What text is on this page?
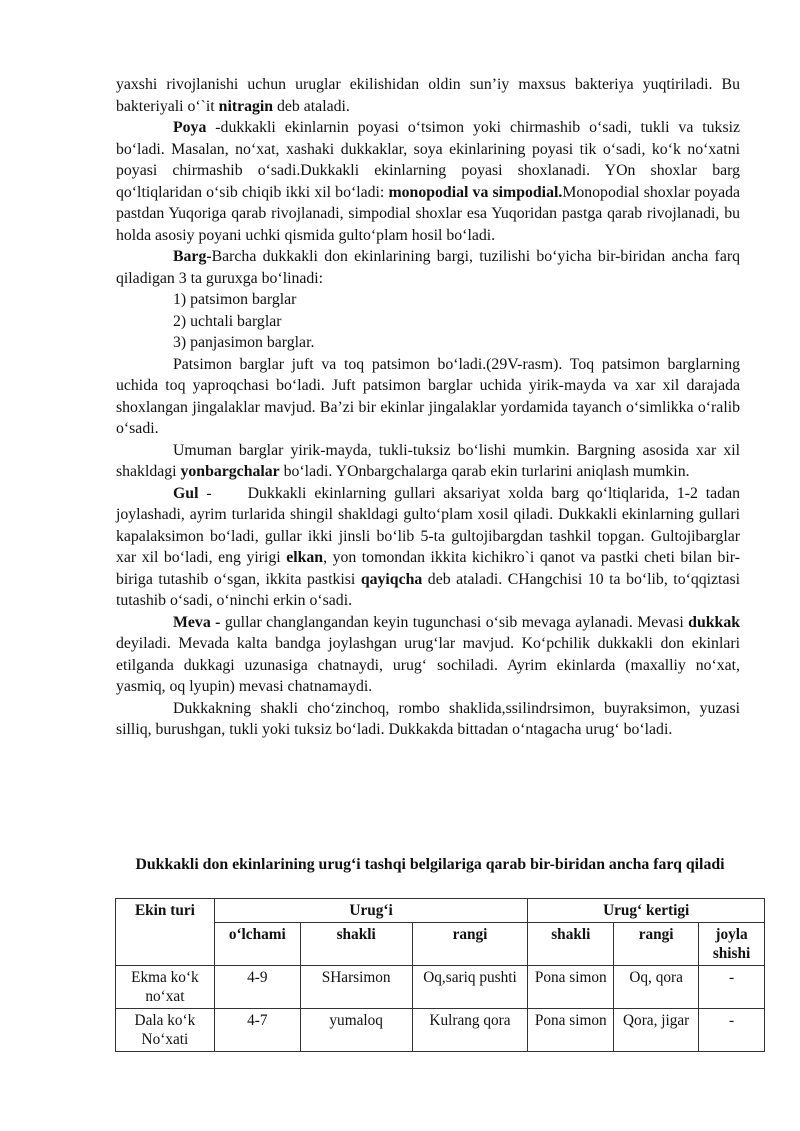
yaxshi rivojlanishi uchun uruglar ekilishidan oldin sun’iy maxsus bakteriya yuqtiriladi. Bu bakteriyali o‘`it nitragin deb ataladi.

Poya -dukkakli ekinlarnin poyasi o‘tsimon yoki chirmashib o‘sadi, tukli va tuksiz bo‘ladi. Masalan, no‘xat, xashaki dukkaklar, soya ekinlarining poyasi tik o‘sadi, ko‘k no‘xatni poyasi chirmashib o‘sadi.Dukkakli ekinlarning poyasi shoxlanadi. YOn shoxlar barg qo‘ltiqlaridan o‘sib chiqib ikki xil bo‘ladi: monopodial va simpodial.Monopodial shoxlar poyada pastdan Yuqoriga qarab rivojlanadi, simpodial shoxlar esa Yuqoridan pastga qarab rivojlanadi, bu holda asosiy poyani uchki qismida gulto‘plam hosil bo‘ladi.

Barg-Barcha dukkakli don ekinlarining bargi, tuzilishi bo‘yicha bir-biridan ancha farq qiladigan 3 ta guruxga bo‘linadi:

1) patsimon barglar

2) uchtali barglar

3) panjasimon barglar.

Patsimon barglar juft va toq patsimon bo‘ladi.(29V-rasm). Toq patsimon barglarning uchida toq yaproqchasi bo‘ladi. Juft patsimon barglar uchida yirik-mayda va xar xil darajada shoxlangan jingalaklar mavjud. Ba’zi bir ekinlar jingalaklar yordamida tayanch o‘simlikka o‘ralib o‘sadi.

Umuman barglar yirik-mayda, tukli-tuksiz bo‘lishi mumkin. Bargning asosida xar xil shakldagi yonbargchalar bo‘ladi. YOnbargchalarga qarab ekin turlarini aniqlash mumkin.

Gul - Dukkakli ekinlarning gullari aksariyat xolda barg qo‘ltiqlarida, 1-2 tadan joylashadi, ayrim turlarida shingil shakldagi gulto‘plam xosil qiladi. Dukkakli ekinlarning gullari kapalaksimon bo‘ladi, gullar ikki jinsli bo‘lib 5-ta gultojibargdan tashkil topgan. Gultojibarglar xar xil bo‘ladi, eng yirigi elkan, yon tomondan ikkita kichikro`i qanot va pastki cheti bilan bir-biriga tutashib o‘sgan, ikkita pastkisi qayiqcha deb ataladi. CHangchisi 10 ta bo‘lib, to‘qqiztasi tutashib o‘sadi, o‘ninchi erkin o‘sadi.

Meva - gullar changlangandan keyin tugunchasi o‘sib mevaga aylanadi. Mevasi dukkak deyiladi. Mevada kalta bandga joylashgan urug‘lar mavjud. Ko‘pchilik dukkakli don ekinlari etilganda dukkagi uzunasiga chatnaydi, urug‘ sochiladi. Ayrim ekinlarda (maxalliy no‘xat, yasmiq, oq lyupin) mevasi chatnamaydi.

Dukkakning shakli cho‘zinchoq, rombo shaklida,ssilindrsimon, buyraksimon, yuzasi silliq, burushgan, tukli yoki tuksiz bo‘ladi. Dukkakda bittadan o‘ntagacha urug‘ bo‘ladi.

Dukkakli don ekinlarining urug‘i tashqi belgilariga qarab bir-biridan ancha farq qiladi
Ekin turi	Urug‘i			Urug‘ kertigi		
	o‘lchami	shakli	rangi	shakli	rangi	joyla shishi
Ekma ko‘k no‘xat	4-9	SHarsimon	Oq,sariq pushti	Pona simon	Oq, qora	-
Dala ko‘k No‘xati	4-7	yumaloq	Kulrang qora	Pona simon	Qora, jigar	-
